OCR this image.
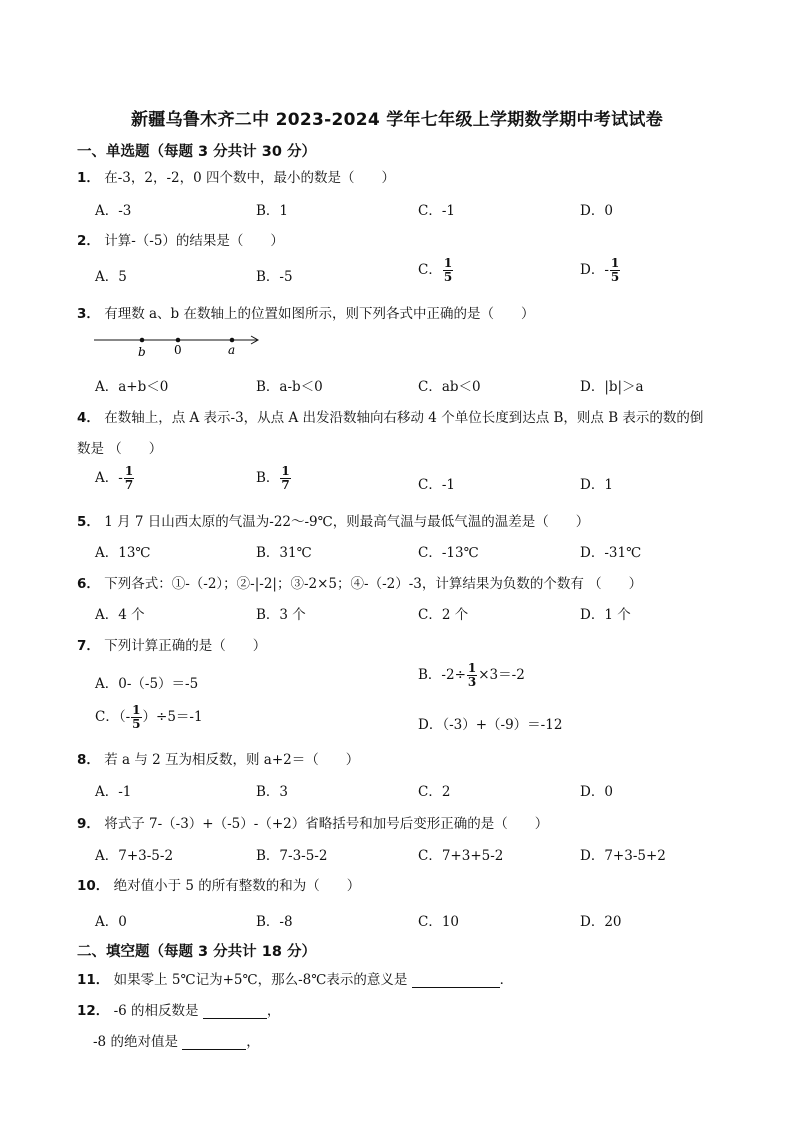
新疆乌鲁木齐二中 2023-2024 学年七年级上学期数学期中考试试卷
一、单选题（每题 3 分共计 30 分）
1． 在-3，2，-2，0 四个数中，最小的数是（　　）
A．-3	B．1	C．-1	D．0
2． 计算-（-5）的结果是（　　）
A．5	B．-5	C． $\frac{1}{5}$	D．- $\frac{1}{5}$
3． 有理数 a、b 在数轴上的位置如图所示，则下列各式中正确的是（　　）
b 0	a
A．a+b＜0	B．a-b＜0	C．ab＜0	D．|b|＞a
4． 在数轴上，点 A 表示-3，从点 A 出发沿数轴向右移动 4 个单位长度到达点 B，则点 B 表示的数的倒
数是 （　　）
A．- $\frac{1}{7}$	B． $\frac{1}{7}$	C．-1	D．1
5． 1 月 7 日山西太原的气温为-22～-9℃，则最高气温与最低气温的温差是（　　）
A．13℃	B．31℃	C．-13℃	D．-31℃
6． 下列各式：①-（-2）；②-|-2|；③-2×5；④-（-2）-3，计算结果为负数的个数有 （　　）
A．4 个	B．3 个	C．2 个	D．1 个
7． 下列计算正确的是（　　）
A．0-（-5）＝-5
B．$-2\div \frac{1}{3} \times 3=-2$
C．（- $\frac{1}{5} )\div 5=-1$	D．（-3）+（-9）＝-12
8． 若 a 与 2 互为相反数，则 a+2＝（　　）
A．-1	B．3	C．2	D．0
9． 将式子 7-（-3）+（-5）-（+2）省略括号和加号后变形正确的是（　　）
A．7+3-5-2	B．7-3-5-2	C．7+3+5-2	D．7+3-5+2
10． 绝对值小于 5 的所有整数的和为（　　）
A．0	B．-8	C．10	D．20
二、填空题（每题 3 分共计 18 分）
11． 如果零上 5℃记为+5℃，那么-8℃表示的意义是	．
12． -6 的相反数是	，
-8 的绝对值是	，
